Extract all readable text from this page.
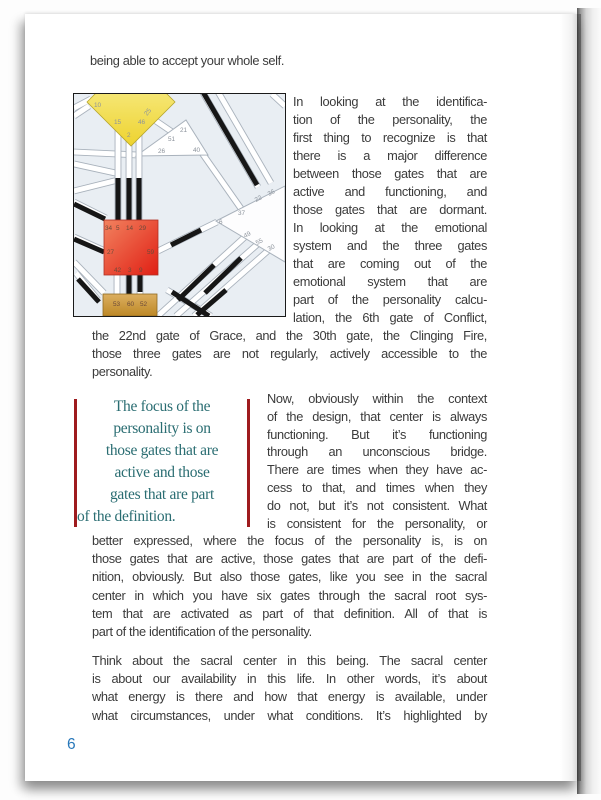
being able to accept your whole self.
10
15
2
46
25
21
51
26	40
22
36
37
6
49
55
30
34 5 14 29
27	59
42 3 9
53 60 52
In looking at the identifica-
tion of the personality, the
first thing to recognize is that
there is a major difference
between those gates that are
active and functioning, and
those gates that are dormant.
In looking at the emotional
system and the three gates
that are coming out of the
emotional system that are
part of the personality calcu-
lation, the 6th gate of Conflict,
the 22nd gate of Grace, and the 30th gate, the Clinging Fire,
those three gates are not regularly, actively accessible to the
personality.
The focus of the
personality is on
those gates that are
active and those
gates that are part
of the definition.
Now, obviously within the context
of the design, that center is always
functioning. But it’s functioning
through an unconscious bridge.
There are times when they have ac-
cess to that, and times when they
do not, but it’s not consistent. What
is consistent for the personality, or
better expressed, where the focus of the personality is, is on
those gates that are active, those gates that are part of the defi-
nition, obviously. But also those gates, like you see in the sacral
center in which you have six gates through the sacral root sys-
tem that are activated as part of that definition. All of that is
part of the identification of the personality.
Think about the sacral center in this being. The sacral center
is about our availability in this life. In other words, it’s about
what energy is there and how that energy is available, under
what circumstances, under what conditions. It’s highlighted by
6
